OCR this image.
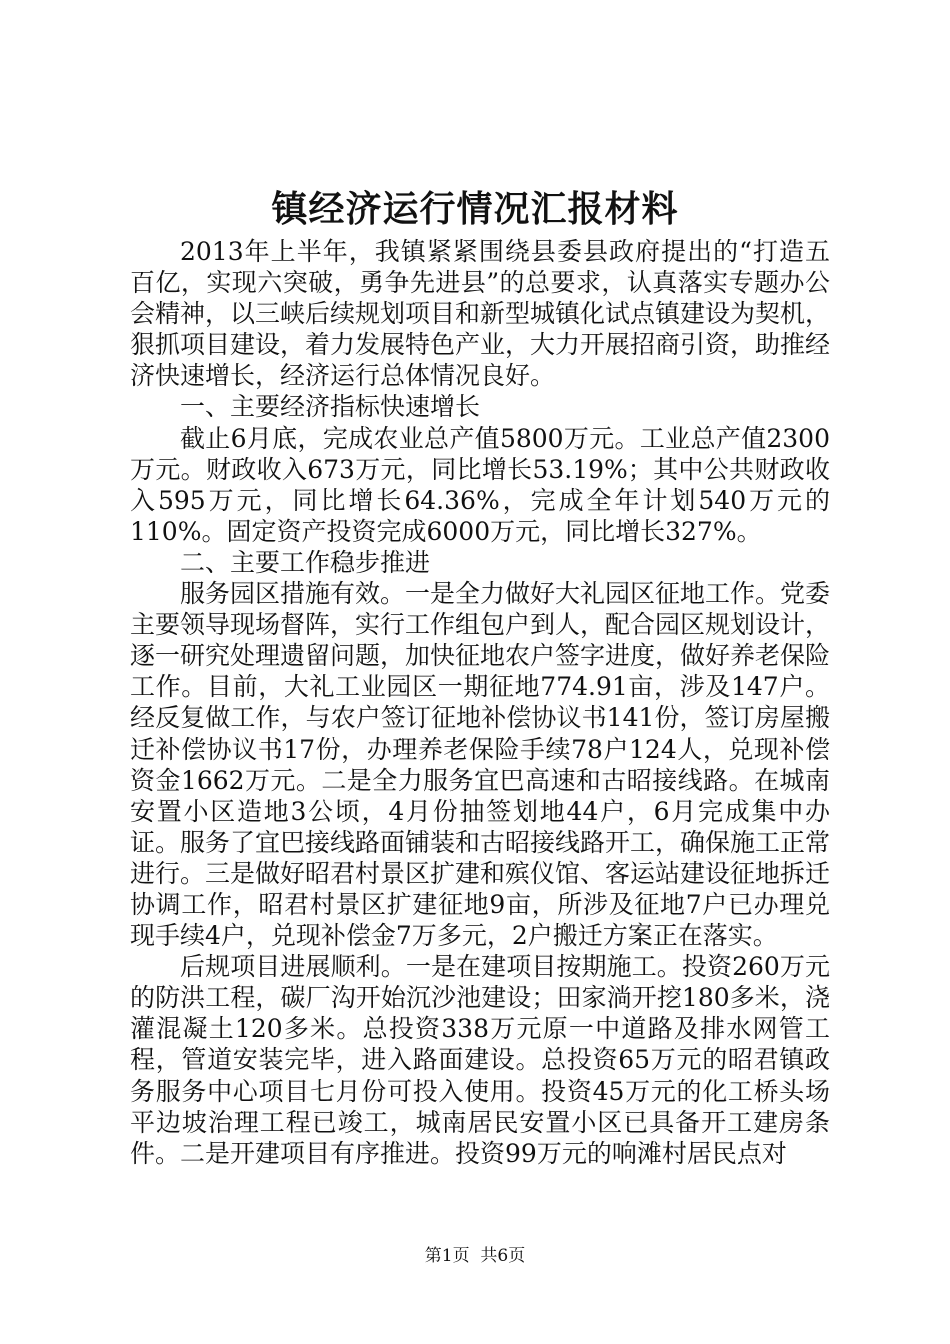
镇经济运行情况汇报材料

2013年上半年，我镇紧紧围绕县委县政府提出的“打造五百亿，实现六突破，勇争先进县”的总要求，认真落实专题办公会精神，以三峡后续规划项目和新型城镇化试点镇建设为契机，狠抓项目建设，着力发展特色产业，大力开展招商引资，助推经济快速增长，经济运行总体情况良好。

一、主要经济指标快速增长

截止6月底，完成农业总产值5800万元。工业总产值2300万元。财政收入673万元，同比增长53.19%；其中公共财政收入595万元，同比增长64.36%，完成全年计划540万元的110%。固定资产投资完成6000万元，同比增长327%。

二、主要工作稳步推进

服务园区措施有效。一是全力做好大礼园区征地工作。党委主要领导现场督阵，实行工作组包户到人，配合园区规划设计，逐一研究处理遗留问题，加快征地农户签字进度，做好养老保险工作。目前，大礼工业园区一期征地774.91亩，涉及147户。经反复做工作，与农户签订征地补偿协议书141份，签订房屋搬迁补偿协议书17份，办理养老保险手续78户124人，兑现补偿资金1662万元。二是全力服务宜巴高速和古昭接线路。在城南安置小区造地3公顷，4月份抽签划地44户，6月完成集中办证。服务了宜巴接线路面铺装和古昭接线路开工，确保施工正常进行。三是做好昭君村景区扩建和殡仪馆、客运站建设征地拆迁协调工作，昭君村景区扩建征地9亩，所涉及征地7户已办理兑现手续4户，兑现补偿金7万多元，2户搬迁方案正在落实。

后规项目进展顺利。一是在建项目按期施工。投资260万元的防洪工程，碳厂沟开始沉沙池建设；田家淌开挖180多米，浇灌混凝土120多米。总投资338万元原一中道路及排水网管工程，管道安装完毕，进入路面建设。总投资65万元的昭君镇政务服务中心项目七月份可投入使用。投资45万元的化工桥头场平边坡治理工程已竣工，城南居民安置小区已具备开工建房条件。二是开建项目有序推进。投资99万元的响滩村居民点对

第1页 共6页
